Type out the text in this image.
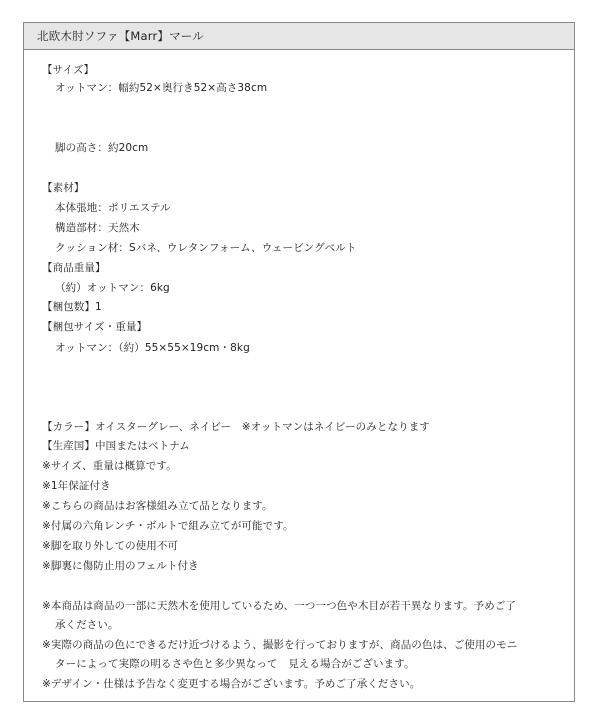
北欧木肘ソファ【Marr】マール
【サイズ】
オットマン：幅約52×奥行き52×高さ38cm
脚の高さ：約20cm
【素材】
本体張地：ポリエステル
構造部材：天然木
クッション材：Sバネ、ウレタンフォーム、ウェービングベルト
【商品重量】
（約）オットマン：6kg
【梱包数】1
【梱包サイズ・重量】
オットマン：（約）55×55×19cm・8kg
【カラー】オイスターグレー、ネイビー　※オットマンはネイビーのみとなります
【生産国】中国またはベトナム
※サイズ、重量は概算です。
※1年保証付き
※こちらの商品はお客様組み立て品となります。
※付属の六角レンチ・ボルトで組み立てが可能です。
※脚を取り外しての使用不可
※脚裏に傷防止用のフェルト付き
※本商品は商品の一部に天然木を使用しているため、一つ一つ色や木目が若干異なります。予めご了
承ください。
※実際の商品の色にできるだけ近づけるよう、撮影を行っておりますが、商品の色は、ご使用のモニ
ターによって実際の明るさや色と多少異なって　見える場合がございます。
※デザイン・仕様は予告なく変更する場合がございます。予めご了承ください。
